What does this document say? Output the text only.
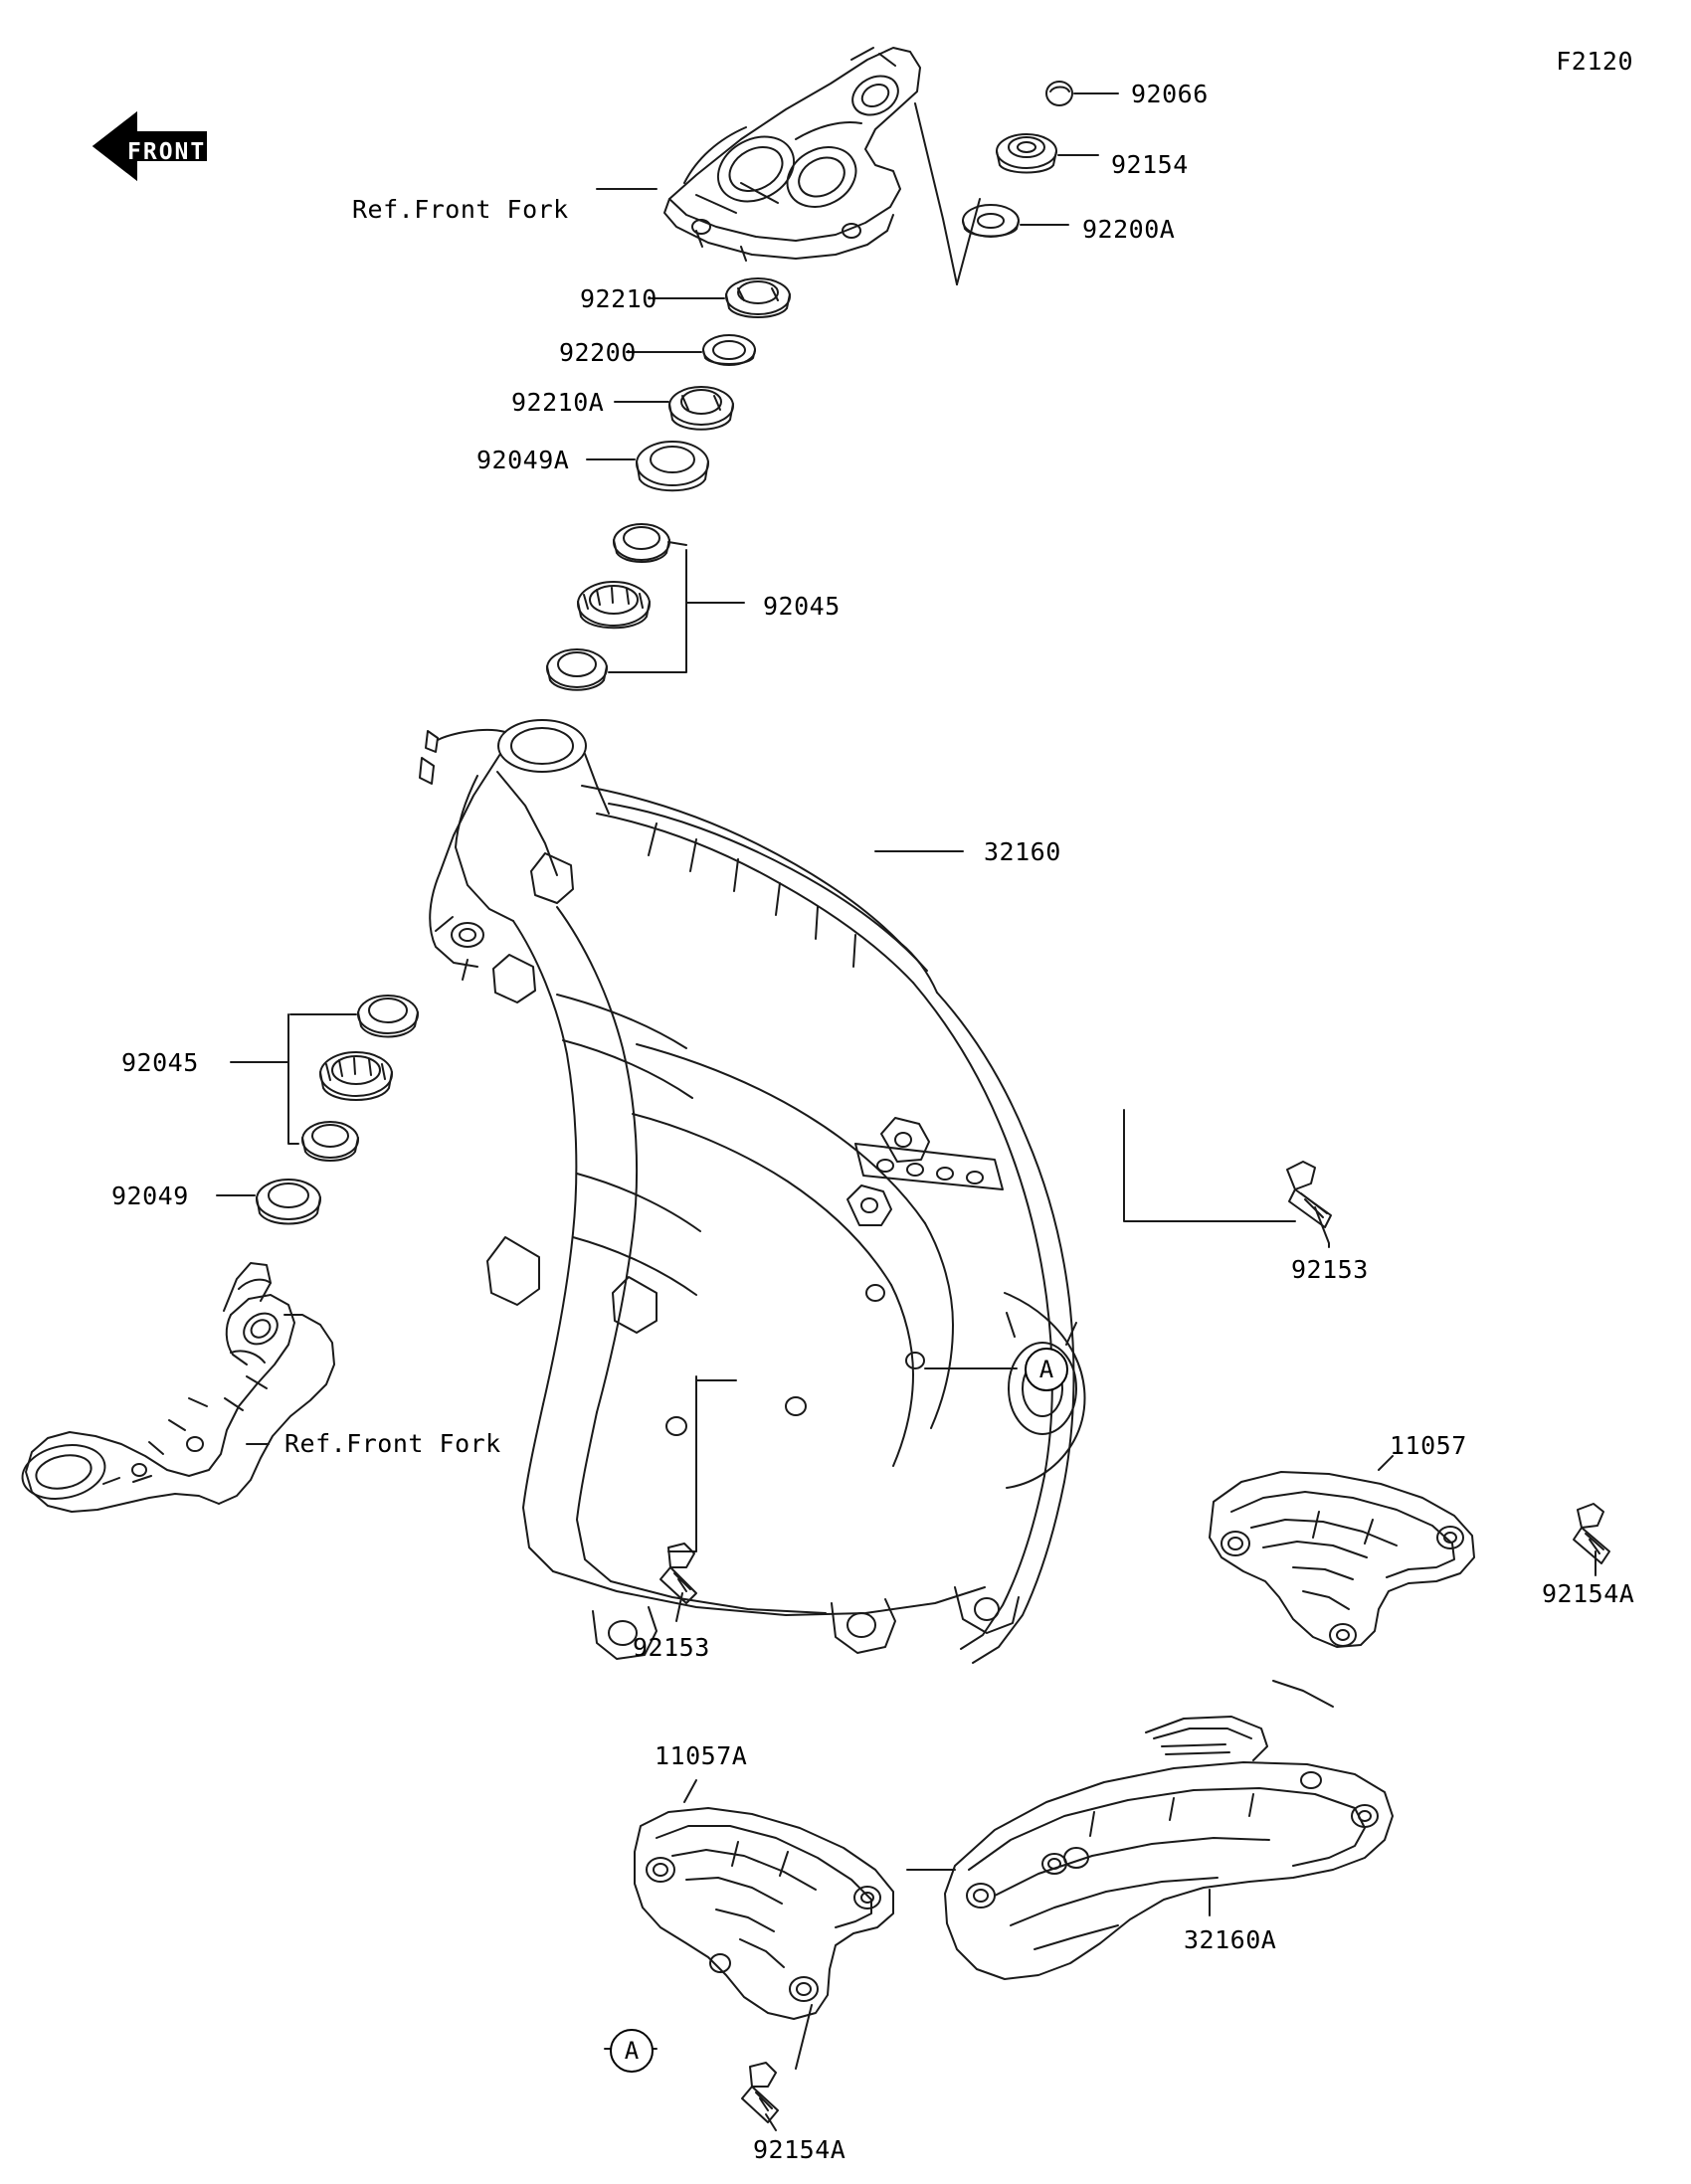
F2120
FRONT
Ref.Front Fork
92066
92154
92200A
92210
92200
92210A
92049A
92045
32160
92045
92049
92153
Ref.Front Fork	11057
92154A
92153
11057A
32160A
92154A
A
A
